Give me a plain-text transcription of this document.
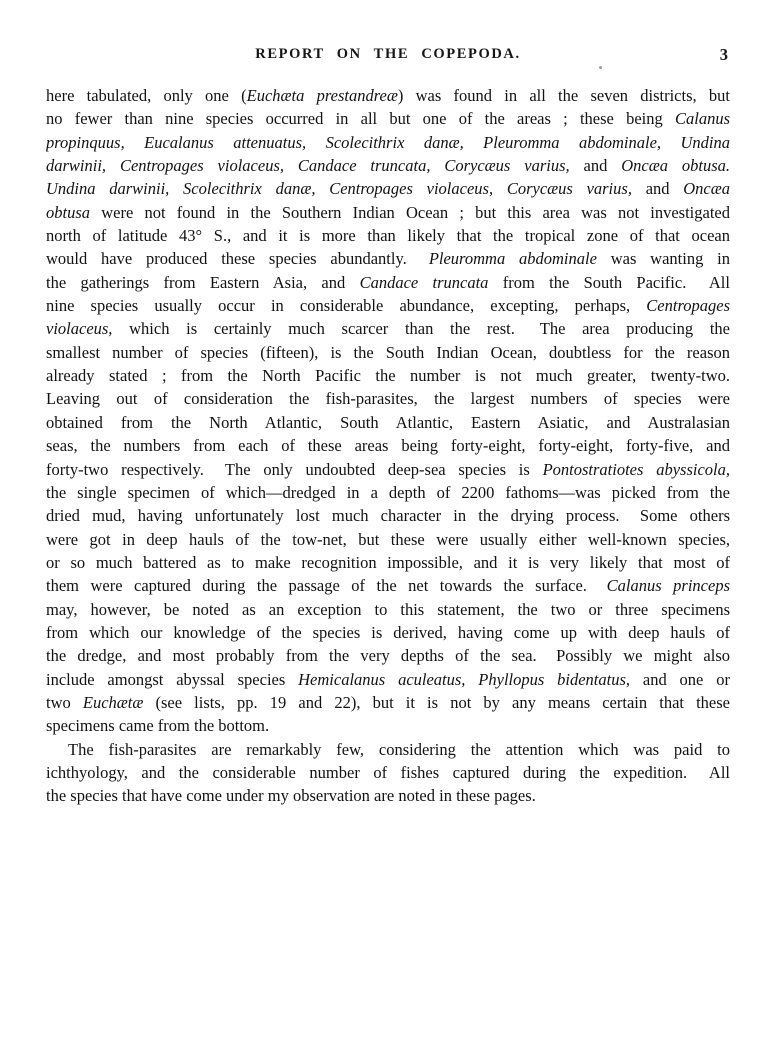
REPORT ON THE COPEPODA.	3
here tabulated, only one (Euchæta prestandreæ) was found in all the seven districts, but
no fewer than nine species occurred in all but one of the areas ; these being Calanus
propinquus, Eucalanus attenuatus, Scolecithrix danæ, Pleuromma abdominale, Undina
darwinii, Centropages violaceus, Candace truncata, Corycæus varius, and Oncæa obtusa.
Undina darwinii, Scolecithrix danæ, Centropages violaceus, Corycæus varius, and Oncæa
obtusa were not found in the Southern Indian Ocean ; but this area was not investigated
north of latitude 43° S., and it is more than likely that the tropical zone of that ocean
would have produced these species abundantly.  Pleuromma abdominale was wanting in
the gatherings from Eastern Asia, and Candace truncata from the South Pacific.  All
nine species usually occur in considerable abundance, excepting, perhaps, Centropages
violaceus, which is certainly much scarcer than the rest.  The area producing the
smallest number of species (fifteen), is the South Indian Ocean, doubtless for the reason
already stated ; from the North Pacific the number is not much greater, twenty-two.
Leaving out of consideration the fish-parasites, the largest numbers of species were
obtained from the North Atlantic, South Atlantic, Eastern Asiatic, and Australasian
seas, the numbers from each of these areas being forty-eight, forty-eight, forty-five, and
forty-two respectively.  The only undoubted deep-sea species is Pontostratiotes abyssicola,
the single specimen of which—dredged in a depth of 2200 fathoms—was picked from the
dried mud, having unfortunately lost much character in the drying process.  Some others
were got in deep hauls of the tow-net, but these were usually either well-known species,
or so much battered as to make recognition impossible, and it is very likely that most of
them were captured during the passage of the net towards the surface.  Calanus princeps
may, however, be noted as an exception to this statement, the two or three specimens
from which our knowledge of the species is derived, having come up with deep hauls of
the dredge, and most probably from the very depths of the sea.  Possibly we might also
include amongst abyssal species Hemicalanus aculeatus, Phyllopus bidentatus, and one or
two Euchætæ (see lists, pp. 19 and 22), but it is not by any means certain that these
specimens came from the bottom.
The fish-parasites are remarkably few, considering the attention which was paid to
ichthyology, and the considerable number of fishes captured during the expedition.  All
the species that have come under my observation are noted in these pages.
